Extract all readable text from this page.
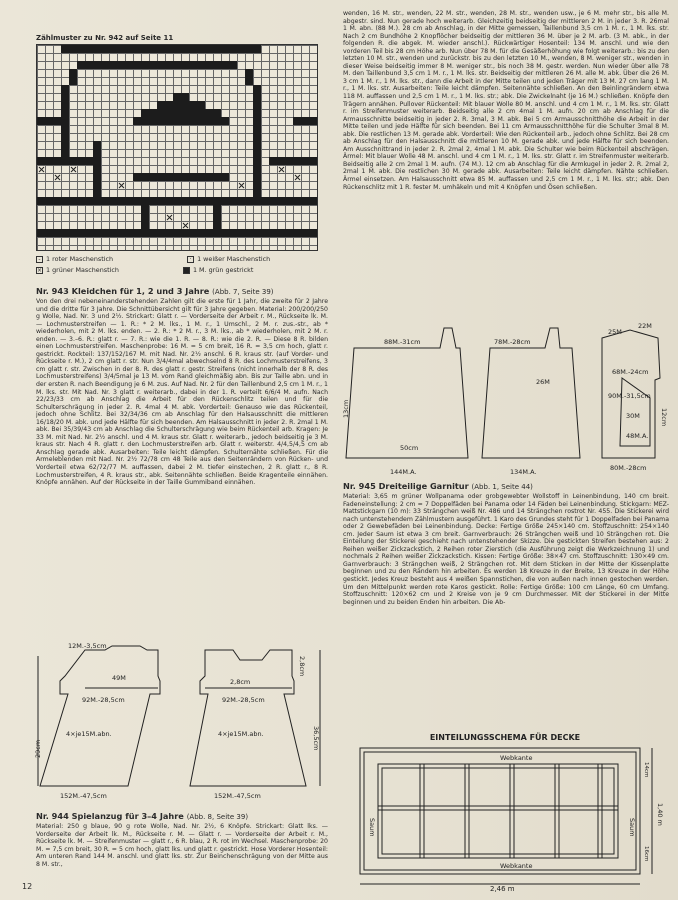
Zählmuster zu Nr. 942 auf Seite 11
- 1 roter Maschenstich	· 1 weißer Maschenstich
× 1 grüner Maschenstich	■ 1 M. grün gestrickt
Nr. 943 Kleidchen für 1, 2 und 3 Jahre (Abb. 7, Seite 39)
Von den drei nebeneinanderstehenden Zahlen gilt die erste für 1 Jahr, die zweite für 2 Jahre und die dritte für 3 Jahre. Die Schnittübersicht gilt für 3 Jahre gegeben. Material: 200/200/250 g Wolle, Nad. Nr. 3 und 2½. Strickart: Glatt r. — Vorderseite der Arbeit r. M., Rückseite lk. M. — Lochmusterstreifen — 1. R.: * 2 M. lks., 1 M. r., 1 Umschl., 2 M. r. zus.-str., ab * wiederholen, mit 2 M. lks. enden. — 2. R.: * 2 M. r., 3 M. lks., ab * wiederholen, mit 2 M. r. enden. — 3.–6. R.: glatt r. — 7. R.: wie die 1. R. — 8. R.: wie die 2. R. — Diese 8 R. bilden einen Lochmusterstreifen. Maschenprobe: 16 M. = 5 cm breit, 16 R. = 3,5 cm hoch, glatt r. gestrickt. Rockteil: 137/152/167 M. mit Nad. Nr. 2½ anschl. 6 R. kraus str. (auf Vorder- und Rückseite r. M.), 2 cm glatt r. str. Nun 3/4/4mal abwechselnd 8 R. des Lochmusterstreifens, 3 cm glatt r. str. Zwischen in der 8. R. des glatt r. gestr. Streifens (nicht innerhalb der 8 R. des Lochmusterstreifens) 3/4/5mal je 13 M. vom Rand gleichmäßig abn. Bis zur Taille abn. und in der ersten R. nach Beendigung je 6 M. zus. Auf Nad. Nr. 2 für den Taillenbund 2,5 cm 1 M. r., 1 M. lks. str. Mit Nad. Nr. 3 glatt r. weiterarb., dabei in der 1. R. verteilt 6/6/4 M. aufn. Nach 22/23/33 cm ab Anschlag die Arbeit für den Rückenschlitz teilen und für die Schulterschrägung in jeder 2. R. 4mal 4 M. abk. Vorderteil: Genauso wie das Rückenteil, jedoch ohne Schlitz. Bei 32/34/36 cm ab Anschlag für den Halsausschnitt die mittleren 16/18/20 M. abk. und jede Hälfte für sich beenden. Am Halsausschnitt in jeder 2. R. 2mal 1 M. abk. Bei 35/39/43 cm ab Anschlag die Schulterschrägung wie beim Rückenteil arb. Kragen: Je 33 M. mit Nad. Nr. 2½ anschl. und 4 M. kraus str. Glatt r. weiterarb., jedoch beidseitig je 3 M. kraus str. Nach 4 R. glatt r. den Lochmusterstreifen arb. Glatt r. weiterstr. 4/4,5/4,5 cm ab Anschlag gerade abk. Ausarbeiten: Teile leicht dämpfen. Schulternähte schließen. Für die Armeleblenden mit Nad. Nr. 2½ 72/78 cm 48 Teile aus den Seitenrändern von Rücken- und Vorderteil etwa 62/72/77 M. auffassen, dabei 2 M. tiefer einstechen, 2 R. glatt r., 8 R. Lochmusterstreifen, 4 R. kraus str., abk. Seitennähte schließen. Beide Kragenteile einnähen. Knöpfe annähen. Auf der Rückseite in der Taille Gummiband einnähen.
12M.-3,5cm
49M
92M.-28,5cm
4×je15M.abn.
152M.-47,5cm
29cm
2,8cm
92M.-28,5cm
4×je15M.abn.
152M.-47,5cm
36,5cm
2,8cm
Nr. 944 Spielanzug für 3–4 Jahre (Abb. 8, Seite 39)
Material: 250 g blaue, 90 g rote Wolle, Nad. Nr. 2½, 6 Knöpfe. Strickart: Glatt lks. — Vorderseite der Arbeit lk. M., Rückseite r. M. — Glatt r. — Vorderseite der Arbeit r. M., Rückseite lk. M. — Streifenmuster — glatt r., 6 R. blau, 2 R. rot im Wechsel. Maschenprobe: 20 M. = 7,5 cm breit, 30 R. = 5 cm hoch, glatt lks. und glatt r. gestrickt. Hose Vorderer Hosenteil: Am unteren Rand 144 M. anschl. und glatt lks. str. Zur Beinchenschrägung von der Mitte aus 8 M. str.,
wenden, 16 M. str., wenden, 22 M. str., wenden, 28 M. str., wenden usw., je 6 M. mehr str., bis alle M. abgestr. sind. Nun gerade hoch weiterarb. Gleichzeitig beidseitig der mittleren 2 M. in jeder 3. R. 26mal 1 M. abn. (88 M.). 28 cm ab Anschlag, in der Mitte gemessen, Taillenbund 3,5 cm 1 M. r., 1 M. lks. str. Nach 2 cm Bundhöhe 2 Knopflöcher beidseitig der mittleren 36 M. über je 2 M. arb. (3 M. abk., in der folgenden R. die abgek. M. wieder anschl.). Rückwärtiger Hosenteil: 134 M. anschl. und wie den vorderen Teil bis 28 cm Höhe arb. Nun über 78 M. für die Gesäßerhöhung wie folgt weiterarb.: bis zu den letzten 10 M. str., wenden und zurückstr. bis zu den letzten 10 M., wenden, 8 M. weniger str., wenden in dieser Weise beidseitig immer 8 M. weniger str., bis noch 38 M. gestr. werden. Nun wieder über alle 78 M. den Taillenbund 3,5 cm 1 M. r., 1 M. lks. str. Beidseitig der mittleren 26 M. alle M. abk. Über die 26 M. 3 cm 1 M. r., 1 M. lks. str., dann die Arbeit in der Mitte teilen und jeden Träger mit 13 M. 27 cm lang 1 M. r., 1 M. lks. str. Ausarbeiten: Teile leicht dämpfen. Seitennähte schließen. An den Beinlingrändern etwa 118 M. auffassen und 2,5 cm 1 M. r., 1 M. lks. str.; abk. Die Zwickelnaht (je 16 M.) schließen. Knöpfe den Trägern annähen. Pullover Rückenteil: Mit blauer Wolle 80 M. anschl. und 4 cm 1 M. r., 1 M. lks. str. Glatt r. im Streifenmuster weiterarb. Beidseitig alle 2 cm 4mal 1 M. aufn. 20 cm ab Anschlag für die Armausschnitte beidseitig in jeder 2. R. 3mal, 3 M. abk. Bei 5 cm Armausschnitthöhe die Arbeit in der Mitte teilen und jede Hälfte für sich beenden. Bei 11 cm Armausschnitthöhe für die Schulter 3mal 8 M. abk. Die restlichen 13 M. gerade abk. Vorderteil: Wie den Rückenteil arb., jedoch ohne Schlitz. Bei 28 cm ab Anschlag für den Halsausschnitt die mittleren 10 M. gerade abk. und jede Hälfte für sich beenden. Am Ausschnittrand in jeder 2. R. 2mal 2, 4mal 1 M. abk. Die Schulter wie beim Rückenteil abschrägen. Ärmel: Mit blauer Wolle 48 M. anschl. und 4 cm 1 M. r., 1 M. lks. str. Glatt r. im Streifenmuster weiterarb. Beidseitig alle 2 cm 2mal 1 M. aufn. (74 M.). 12 cm ab Anschlag für die Armkugel in jeder 2. R. 2mal 2, 2mal 1 M. abk. Die restlichen 30 M. gerade abk. Ausarbeiten: Teile leicht dämpfen. Nähte schließen. Ärmel einsetzen. Am Halsausschnitt etwa 85 M. auffassen und 2,5 cm 1 M. r., 1 M. lks. str.; abk. Den Rückenschlitz mit 1 R. fester M. umhäkeln und mit 4 Knöpfen und Ösen schließen.
88M.-31cm
50cm
144M.A.
78M.-28cm
134M.A.
25M
22M
68M.-24cm
90M.-31,5cm
80M.-28cm
30M
48M.A.
12cm
13cm
26M
Nr. 945 Dreiteilige Garnitur (Abb. 1, Seite 44)
Material: 3,65 m grüner Wollpanama oder grobgewebter Wollstoff in Leinenbindung, 140 cm breit. Fadeneinstellung: 2 cm = 7 Doppelfäden bei Panama oder 14 Fäden bei Leinenbindung. Stickgarn: MEZ-Mattstickgarn (10 m): 33 Strängchen weiß Nr. 486 und 14 Strängchen rostrot Nr. 455. Die Stickerei wird nach untenstehendem Zählmustern ausgeführt. 1 Karo des Grundes steht für 1 Doppelfaden bei Panama oder 2 Gewebefäden bei Leinenbindung. Decke: Fertige Größe 245×140 cm. Stoffzuschnitt: 254×140 cm. Jeder Saum ist etwa 3 cm breit. Garnverbrauch: 26 Strängchen weiß und 10 Strängchen rot. Die Einteilung der Stickerei geschieht nach untenstehender Skizze. Die gestickten Streifen bestehen aus: 2 Reihen weißer Zickzackstich, 2 Reihen roter Zierstich (die Ausführung zeigt die Werkzeichnung 1) und nochmals 2 Reihen weißer Zickzackstich. Kissen: Fertige Größe: 38×47 cm. Stoffzuschnitt: 130×49 cm. Garnverbrauch: 3 Strängchen weiß, 2 Strängchen rot. Mit dem Sticken in der Mitte der Kissenplatte beginnen und zu den Rändern hin arbeiten. Es werden 18 Kreuze in der Breite, 13 Kreuze in der Höhe gestickt. Jedes Kreuz besteht aus 4 weißen Spannstichen, die von außen nach innen gestochen werden. Um den Mittelpunkt werden rote Karos gestickt. Rolle: Fertige Größe: 100 cm Länge, 60 cm Umfang. Stoffzuschnitt: 120×62 cm und 2 Kreise von je 9 cm Durchmesser. Mit der Stickerei in der Mitte beginnen und zu beiden Enden hin arbeiten. Die Ab-
EINTEILUNGSSCHEMA FÜR DECKE
Webkante
Webkante
Saum	Saum
2,46 m
1,40 m
14cm
16cm
12
